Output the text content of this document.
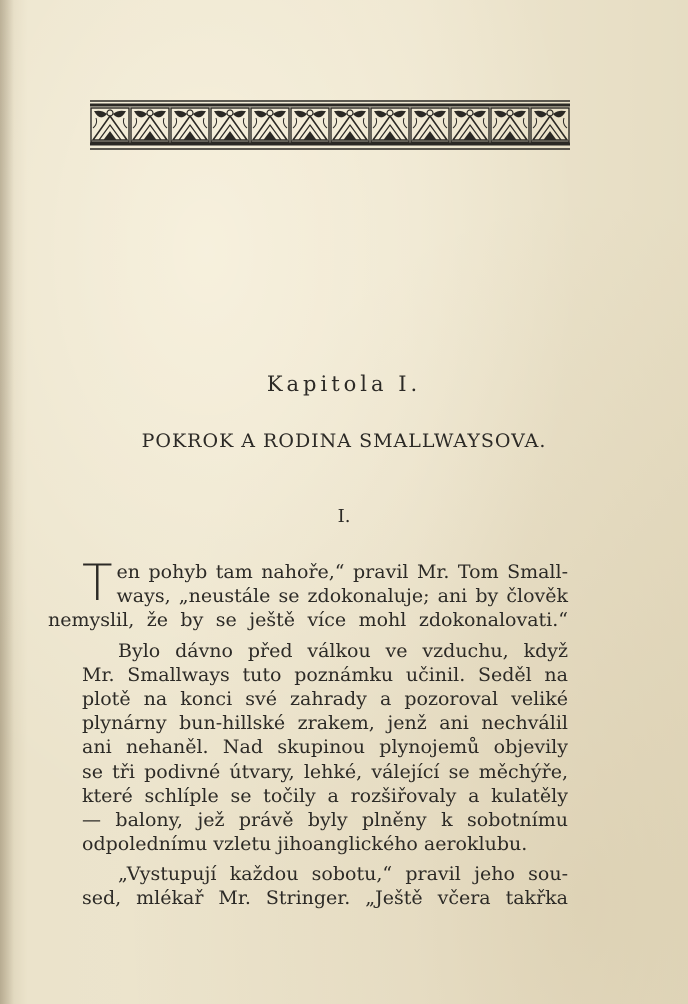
Kapitola I.
POKROK A RODINA SMALLWAYSOVA.
I.
T en pohyb tam nahoře,“ pravil Mr. Tom Small-
ways, „neustále se zdokonaluje; ani by člověk
nemyslil, že by se ještě více mohl zdokonalovati.“
Bylo dávno před válkou ve vzduchu, když
Mr. Smallways tuto poznámku učinil. Seděl na
plotě na konci své zahrady a pozoroval veliké
plynárny bun-hillské zrakem, jenž ani nechválil
ani nehaněl. Nad skupinou plynojemů objevily
se tři podivné útvary, lehké, válející se měchýře,
které schlíple se točily a rozšiřovaly a kulatěly
— balony, jež právě byly plněny k sobotnímu
odpolednímu vzletu jihoanglického aeroklubu.
„Vystupují každou sobotu,“ pravil jeho sou-
sed, mlékař Mr. Stringer. „Ještě včera takřka
